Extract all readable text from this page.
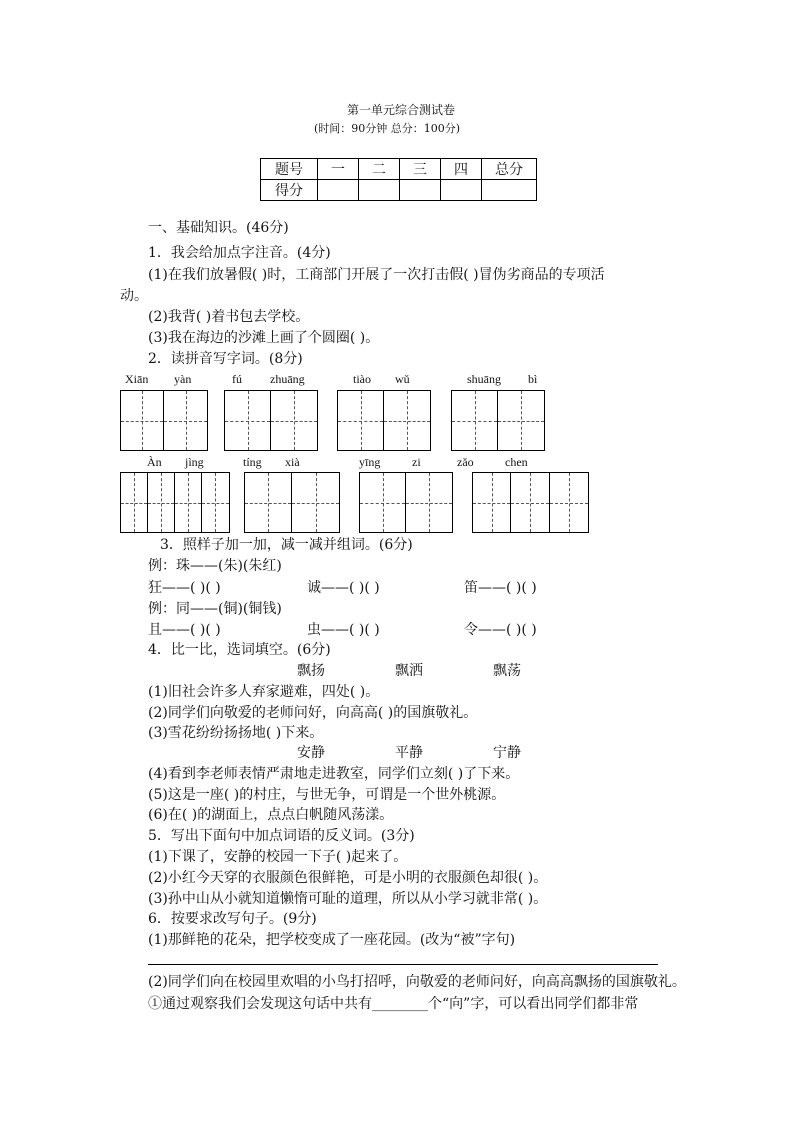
第一单元综合测试卷
(时间：90分钟 总分：100分)
题号	一	二	三	四	总分
得分					
一、基础知识。(46分)
1．我会给加点字注音。(4分)
(1)在我们放暑假( )时，工商部门开展了一次打击假( )冒伪劣商品的专项活
动。
(2)我背( )着书包去学校。
(3)我在海边的沙滩上画了个圆圈( )。
2．读拼音写字词。(8分)
Xiān yàn	fú zhuāng	tiào wǔ	shuāng bì
Àn jìng	tíng xià	yīng	zi	zǎo	chen
3．照样子加一加，减一减并组词。(6分)
例：珠——(朱)(朱红)
狂——( )( )	诚——( )( )	笛——( )( )
例：同——(铜)(铜钱)
且——( )( )	虫——( )( )	令——( )( )
4．比一比，选词填空。(6分)
飘扬	飘洒	飘荡
(1)旧社会许多人弃家避难，四处( )。
(2)同学们向敬爱的老师问好，向高高( )的国旗敬礼。
(3)雪花纷纷扬扬地( )下来。
安静	平静	宁静
(4)看到李老师表情严肃地走进教室，同学们立刻( )了下来。
(5)这是一座( )的村庄，与世无争，可谓是一个世外桃源。
(6)在( )的湖面上，点点白帆随风荡漾。
5．写出下面句中加点词语的反义词。(3分)
(1)下课了，安静的校园一下子( )起来了。
(2)小红今天穿的衣服颜色很鲜艳，可是小明的衣服颜色却很( )。
(3)孙中山从小就知道懒惰可耻的道理，所以从小学习就非常( )。
6．按要求改写句子。(9分)
(1)那鲜艳的花朵，把学校变成了一座花园。(改为“被”字句)
(2)同学们向在校园里欢唱的小鸟打招呼，向敬爱的老师问好，向高高飘扬的国旗敬礼。
①通过观察我们会发现这句话中共有________个“向”字，可以看出同学们都非常
